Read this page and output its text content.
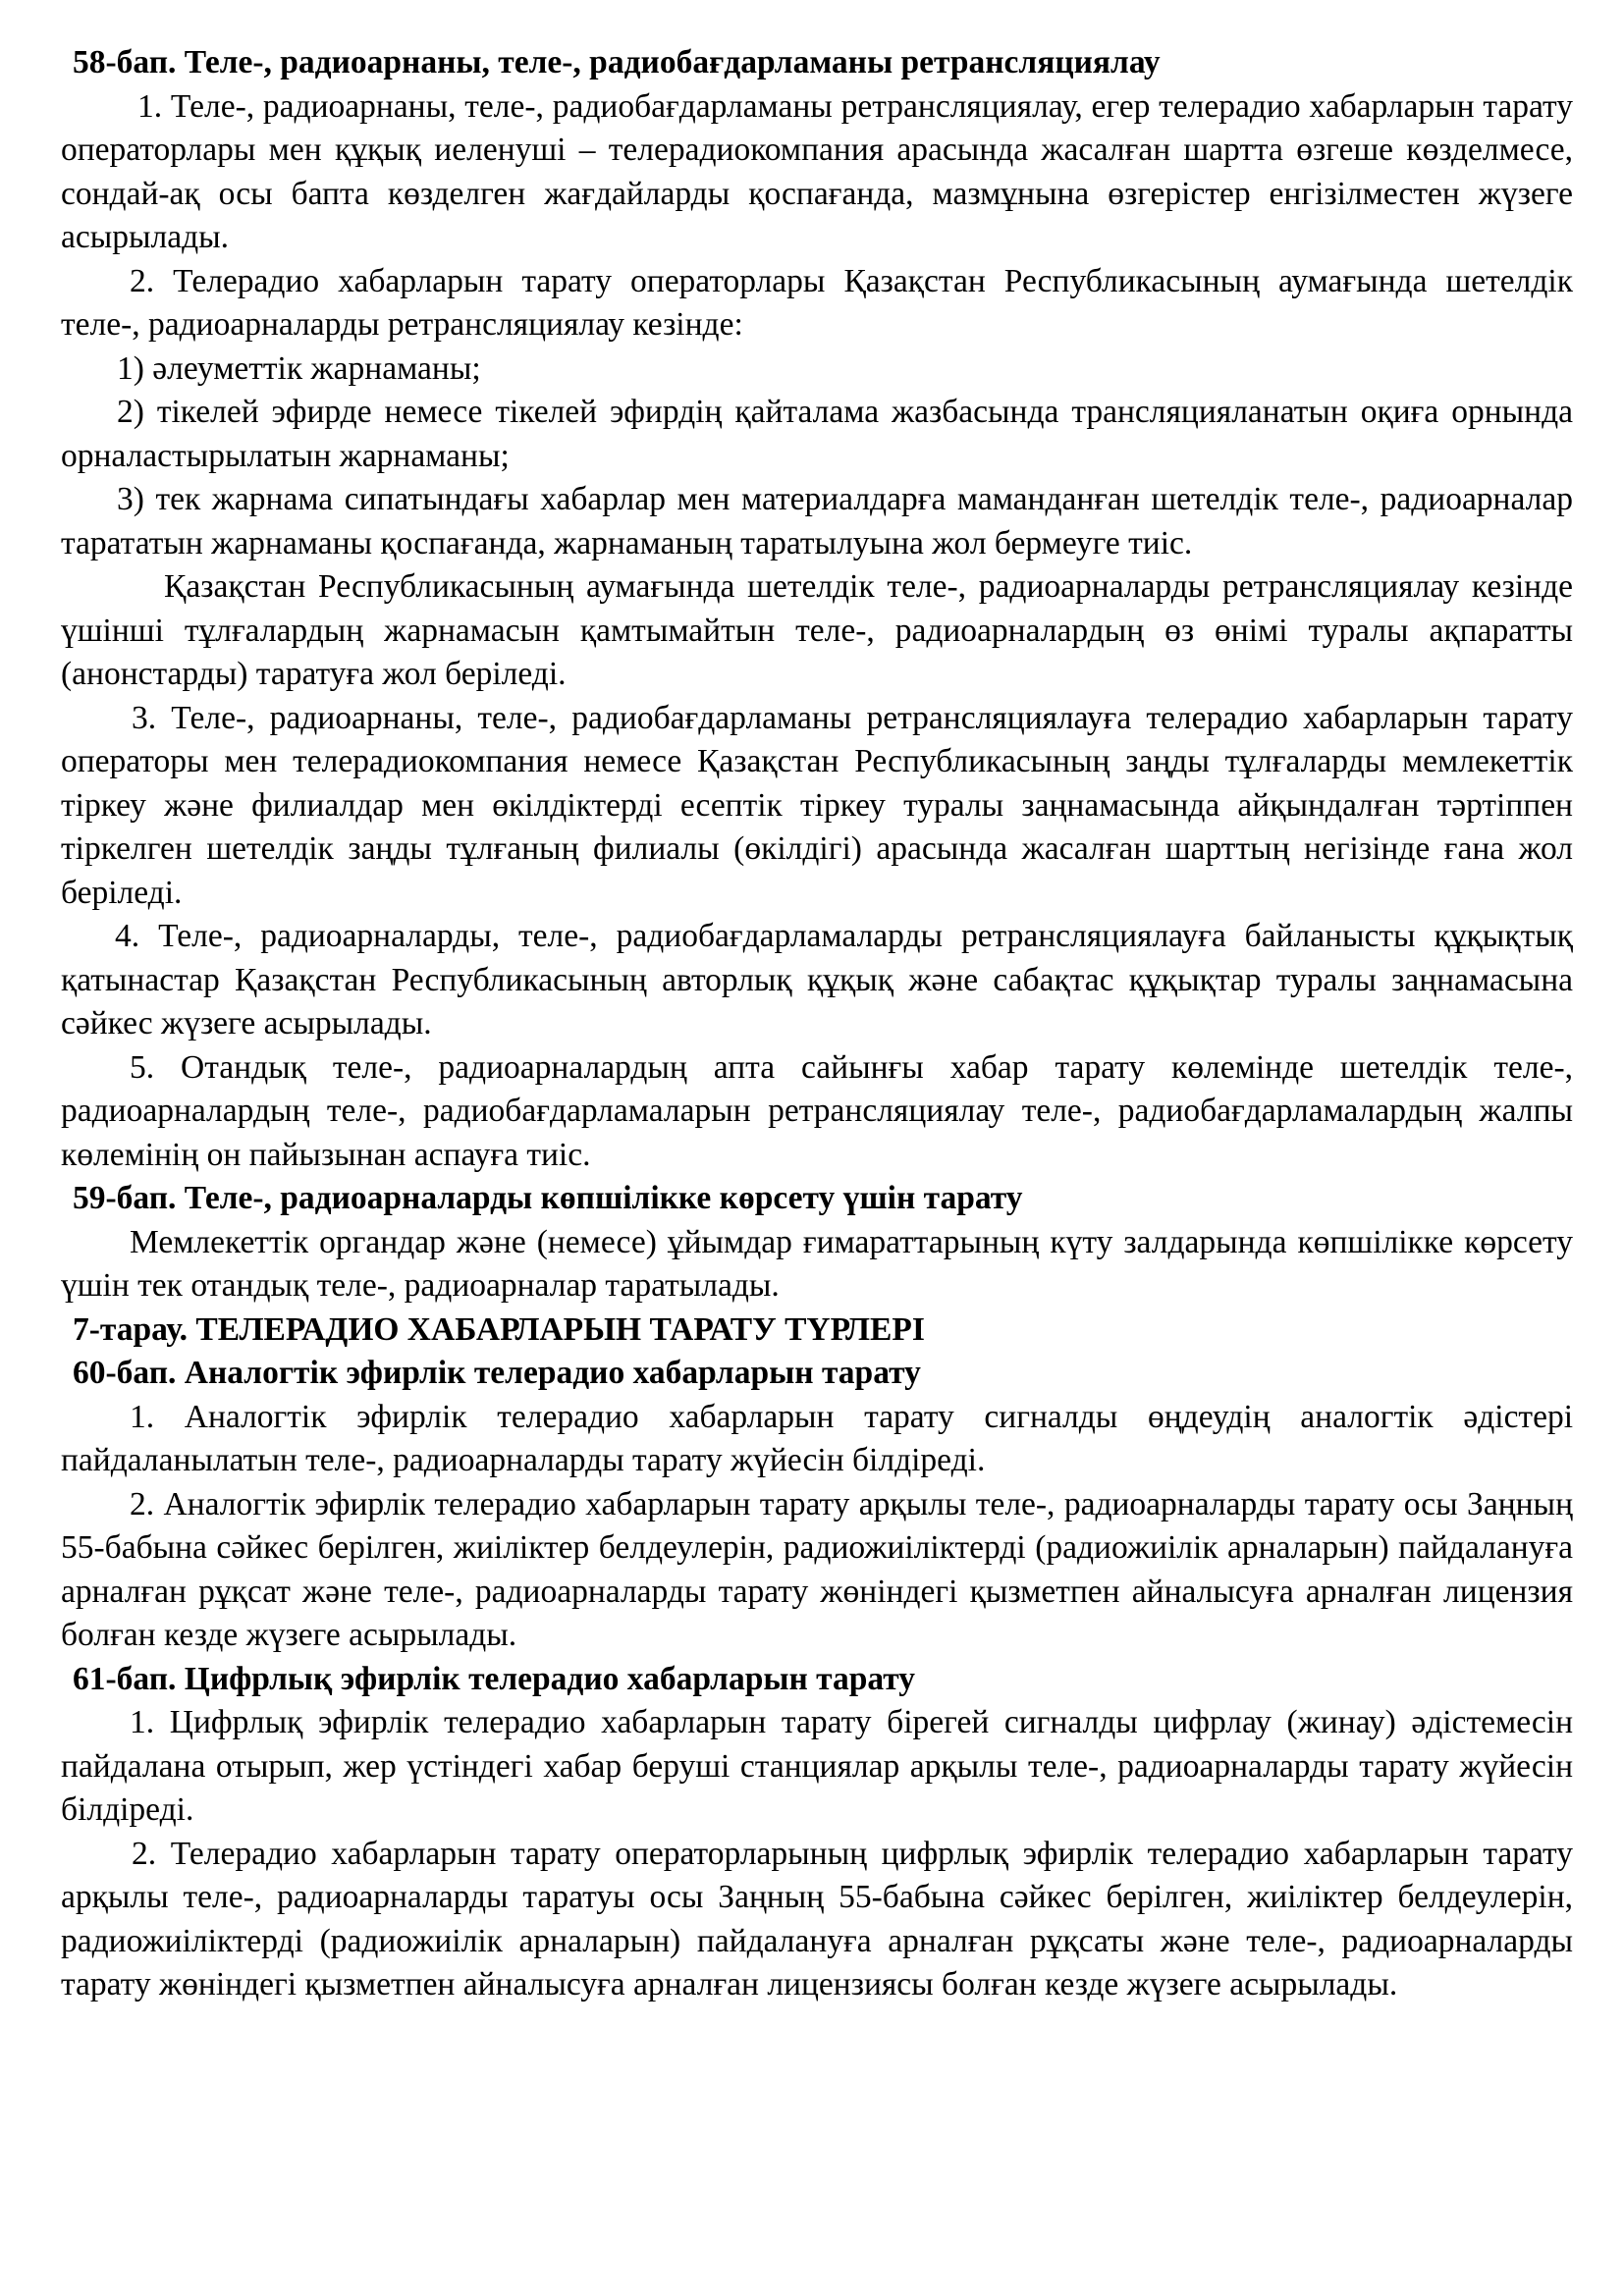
58-бап. Теле-, радиоарнаны, теле-, радиобағдарламаны ретрансляциялау

1. Теле-, радиоарнаны, теле-, радиобағдарламаны ретрансляциялау, егер телерадио хабарларын тарату операторлары мен құқық иеленуші – телерадиокомпания арасында жасалған шартта өзгеше көзделмесе, сондай-ақ осы бапта көзделген жағдайларды қоспағанда, мазмұнына өзгерістер енгізілместен жүзеге асырылады.

2. Телерадио хабарларын тарату операторлары Қазақстан Республикасының аумағында шетелдік теле-, радиоарналарды ретрансляциялау кезінде:

1) әлеуметтік жарнаманы;

2) тікелей эфирде немесе тікелей эфирдің қайталама жазбасында трансляцияланатын оқиға орнында орналастырылатын жарнаманы;

3) тек жарнама сипатындағы хабарлар мен материалдарға маманданған шетелдік теле-, радиоарналар тарататын жарнаманы қоспағанда, жарнаманың таратылуына жол бермеуге тиіс.

Қазақстан Республикасының аумағында шетелдік теле-, радиоарналарды ретрансляциялау кезінде үшінші тұлғалардың жарнамасын қамтымайтын теле-, радиоарналардың өз өнімі туралы ақпаратты (анонстарды) таратуға жол беріледі.

3. Теле-, радиоарнаны, теле-, радиобағдарламаны ретрансляциялауға телерадио хабарларын тарату операторы мен телерадиокомпания немесе Қазақстан Республикасының заңды тұлғаларды мемлекеттік тіркеу және филиалдар мен өкілдіктерді есептік тіркеу туралы заңнамасында айқындалған тәртіппен тіркелген шетелдік заңды тұлғаның филиалы (өкілдігі) арасында жасалған шарттың негізінде ғана жол беріледі.

4. Теле-, радиоарналарды, теле-, радиобағдарламаларды ретрансляциялауға байланысты құқықтық қатынастар Қазақстан Республикасының авторлық құқық және сабақтас құқықтар туралы заңнамасына сәйкес жүзеге асырылады.

5. Отандық теле-, радиоарналардың апта сайынғы хабар тарату көлемінде шетелдік теле-, радиоарналардың теле-, радиобағдарламаларын ретрансляциялау теле-, радиобағдарламалардың жалпы көлемінің он пайызынан аспауға тиіс.

59-бап. Теле-, радиоарналарды көпшілікке көрсету үшін тарату

Мемлекеттік органдар және (немесе) ұйымдар ғимараттарының күту залдарында көпшілікке көрсету үшін тек отандық теле-, радиоарналар таратылады.

7-тарау. ТЕЛЕРАДИО ХАБАРЛАРЫН ТАРАТУ ТҮРЛЕРІ

60-бап. Аналогтік эфирлік телерадио хабарларын тарату

1. Аналогтік эфирлік телерадио хабарларын тарату сигналды өңдеудің аналогтік әдістері пайдаланылатын теле-, радиоарналарды тарату жүйесін білдіреді.

2. Аналогтік эфирлік телерадио хабарларын тарату арқылы теле-, радиоарналарды тарату осы Заңның 55-бабына сәйкес берілген, жиіліктер белдеулерін, радиожиіліктерді (радиожиілік арналарын) пайдалануға арналған рұқсат және теле-, радиоарналарды тарату жөніндегі қызметпен айналысуға арналған лицензия болған кезде жүзеге асырылады.

61-бап. Цифрлық эфирлік телерадио хабарларын тарату

1. Цифрлық эфирлік телерадио хабарларын тарату бірегей сигналды цифрлау (жинау) әдістемесін пайдалана отырып, жер үстіндегі хабар беруші станциялар арқылы теле-, радиоарналарды тарату жүйесін білдіреді.

2. Телерадио хабарларын тарату операторларының цифрлық эфирлік телерадио хабарларын тарату арқылы теле-, радиоарналарды таратуы осы Заңның 55-бабына сәйкес берілген, жиіліктер белдеулерін, радиожиіліктерді (радиожиілік арналарын) пайдалануға арналған рұқсаты және теле-, радиоарналарды тарату жөніндегі қызметпен айналысуға арналған лицензиясы болған кезде жүзеге асырылады.
